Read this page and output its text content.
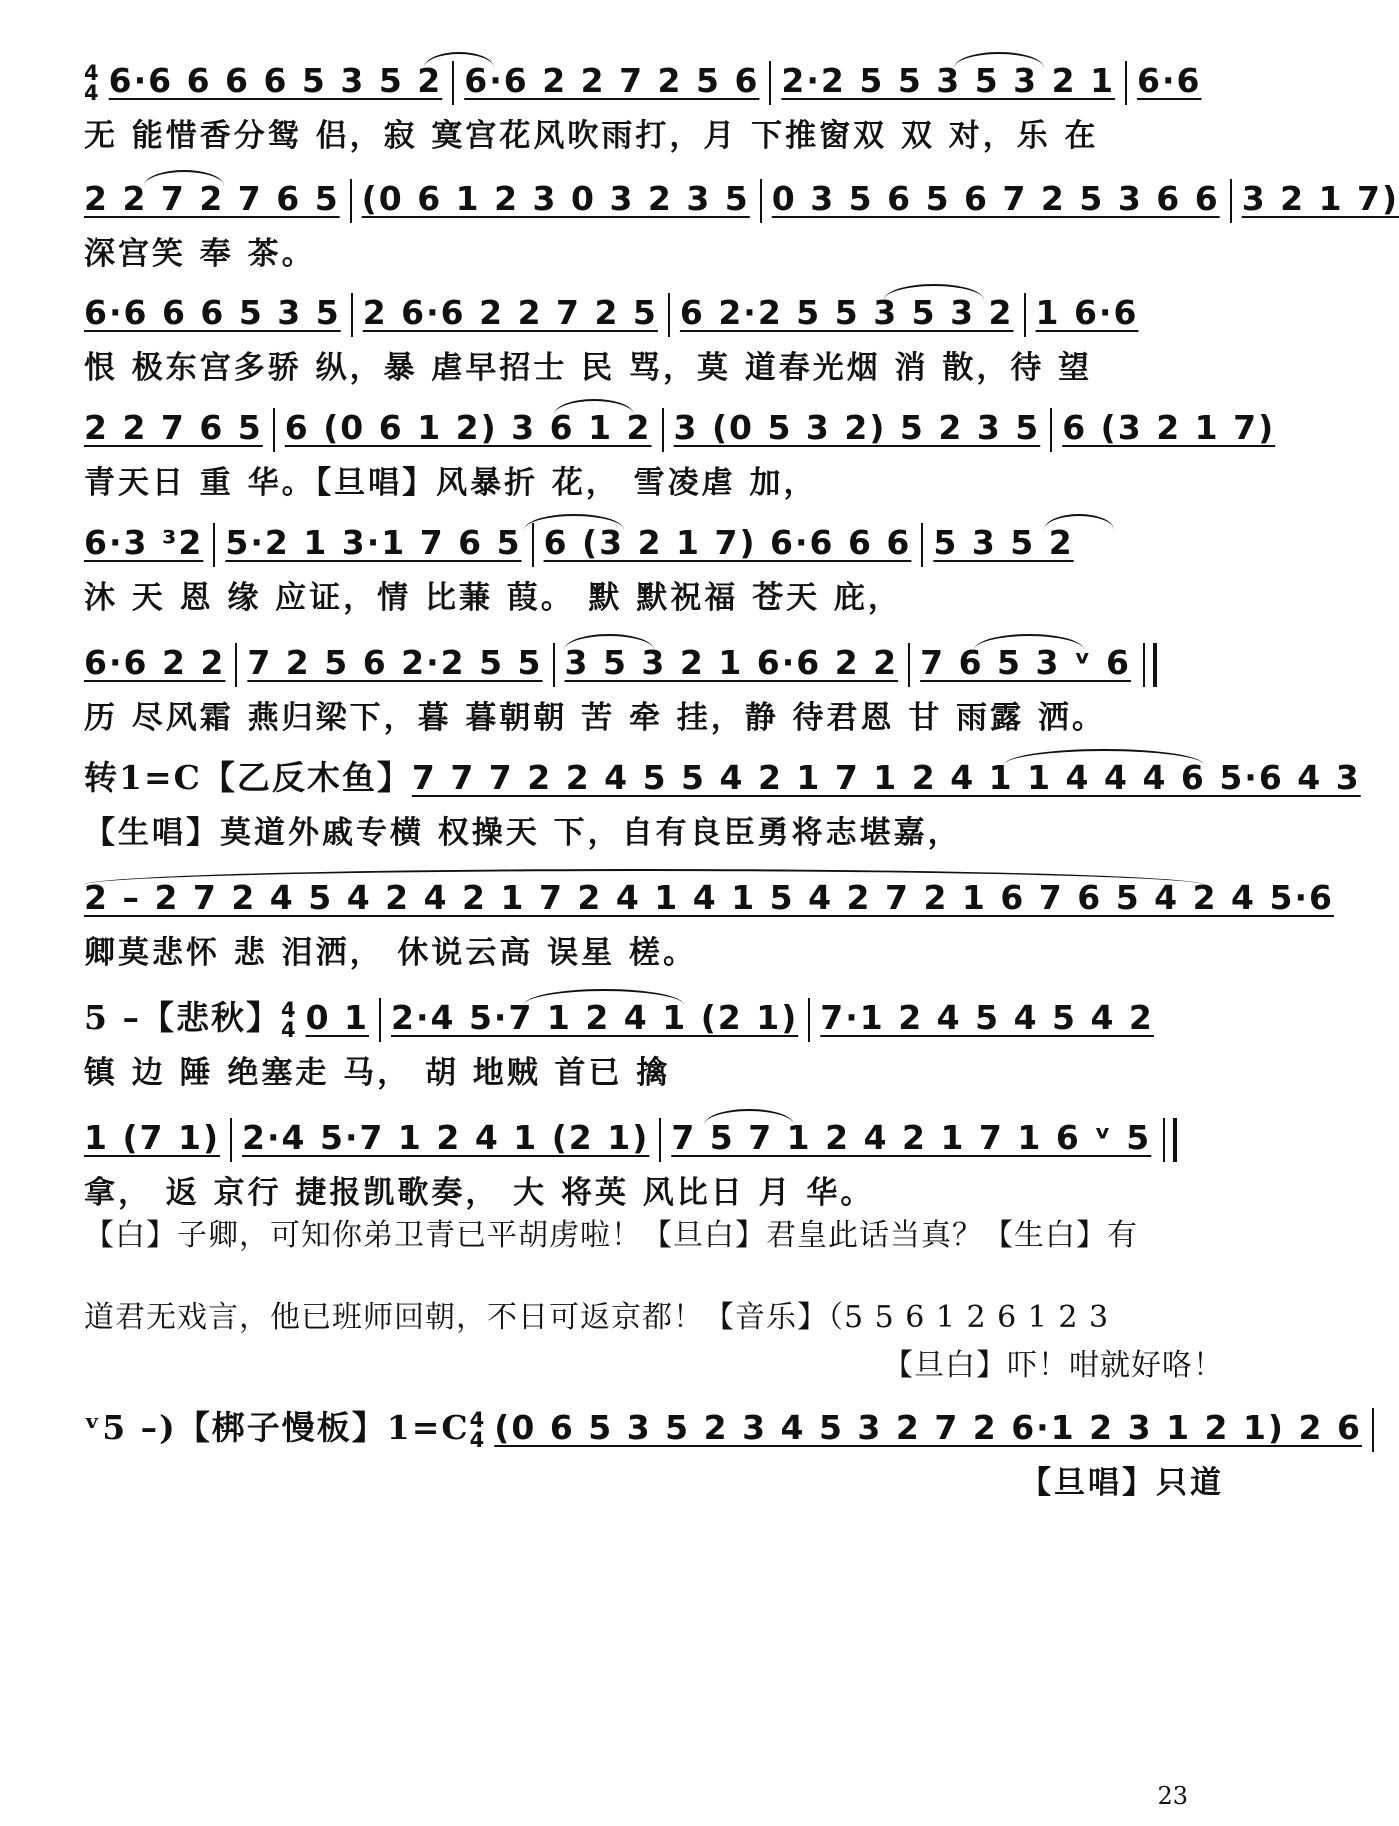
4
4 6·6 6 6 6 5 3 5 2 6·6 2 2 7 2 5 6 2·2 5 5 3 5 3 2 1 6·6
无 能惜香分鸳 侣，寂 寞宫花风吹雨打，月 下推窗双 双 对，乐 在
2 2 7 2 7 6 5 (0 6 1 2 3 0 3 2 3 5 0 3 5 6 5 6 7 2 5 3 6 6 3 2 1 7)
深宫笑 奉 茶。
6·6 6 6 5 3 5 2 6·6 2 2 7 2 5 6 2·2 5 5 3 5 3 2 1 6·6
恨 极东宫多骄 纵，暴 虐早招士 民 骂，莫 道春光烟 消 散，待 望
2 2 7 6 5 6 (0 6 1 2) 3 6 1 2 3 (0 5 3 2) 5 2 3 5 6 (3 2 1 7)
青天日 重 华。【旦唱】风暴折 花， 雪凌虐 加，
6·3 ³2 5·2 1 3·1 7 6 5 6 (3 2 1 7) 6·6 6 6 5 3 5 2
沐 天 恩 缘 应证，情 比蒹 葭。 默 默祝福 苍天 庇，
6·6 2 2 7 2 5 6 2·2 5 5 3 5 3 2 1 6·6 2 2 7 6 5 3 ᵛ 6
历 尽风霜 燕归梁下，暮 暮朝朝 苦 牵 挂，静 待君恩 甘 雨露 洒。
转1=C【乙反木鱼】7 7 7 2 2 4 5 5 4 2 1 7 1 2 4 1 1 4 4 4 6 5·6 4 3
【生唱】莫道外戚专横 权操天 下，自有良臣勇将志堪嘉，
2 – 2 7 2 4 5 4 2 4 2 1 7 2 4 1 4 1 5 4 2 7 2 1 6 7 6 5 4 2 4 5·6
卿莫悲怀 悲 泪洒， 休说云高 误星 槎。
5 –【悲秋】 4
4 0 1 2·4 5·7 1 2 4 1 (2 1) 7·1 2 4 5 4 5 4 2
镇 边 陲 绝塞走 马， 胡 地贼 首已 擒
1 (7 1) 2·4 5·7 1 2 4 1 (2 1) 7 5 7 1 2 4 2 1 7 1 6 ᵛ 5
拿， 返 京行 捷报凯歌奏， 大 将英 风比日 月 华。
【白】子卿，可知你弟卫青已平胡虏啦！【旦白】君皇此话当真？【生白】有
道君无戏言，他已班师回朝，不日可返京都！【音乐】（5 5 6 1 2 6 1 2 3
【旦白】吓！咁就好咯！
ᵛ5 –)【梆子慢板】1=C 4
4 (0 6 5 3 5 2 3 4 5 3 2 7 2 6·1 2 3 1 2 1) 2 6
【旦唱】只道
23
